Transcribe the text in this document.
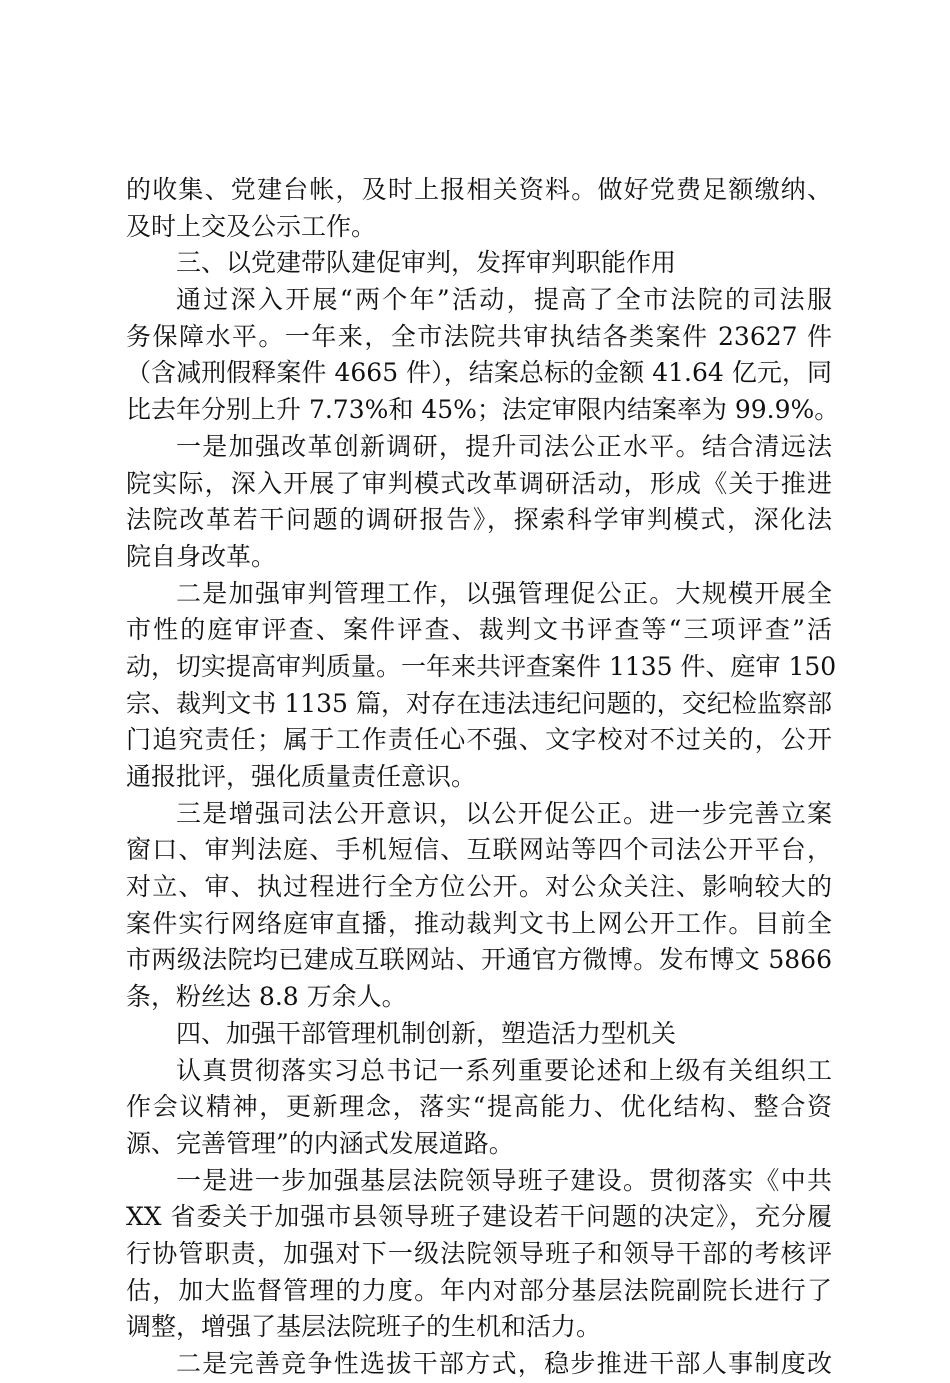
的收集、党建台帐，及时上报相关资料。做好党费足额缴纳、
及时上交及公示工作。

三、以党建带队建促审判，发挥审判职能作用

通过深入开展“两个年”活动，提高了全市法院的司法服
务保障水平。一年来，全市法院共审执结各类案件 23627 件
（含减刑假释案件 4665 件），结案总标的金额 41.64 亿元，同
比去年分别上升 7.73%和 45%；法定审限内结案率为 99.9%。

一是加强改革创新调研，提升司法公正水平。结合清远法
院实际，深入开展了审判模式改革调研活动，形成《关于推进
法院改革若干问题的调研报告》，探索科学审判模式，深化法
院自身改革。

二是加强审判管理工作，以强管理促公正。大规模开展全
市性的庭审评查、案件评查、裁判文书评查等“三项评查”活
动，切实提高审判质量。一年来共评查案件 1135 件、庭审 150
宗、裁判文书 1135 篇，对存在违法违纪问题的，交纪检监察部
门追究责任；属于工作责任心不强、文字校对不过关的，公开
通报批评，强化质量责任意识。

三是增强司法公开意识，以公开促公正。进一步完善立案
窗口、审判法庭、手机短信、互联网站等四个司法公开平台，
对立、审、执过程进行全方位公开。对公众关注、影响较大的
案件实行网络庭审直播，推动裁判文书上网公开工作。目前全
市两级法院均已建成互联网站、开通官方微博。发布博文 5866
条，粉丝达 8.8 万余人。

四、加强干部管理机制创新，塑造活力型机关

认真贯彻落实习总书记一系列重要论述和上级有关组织工
作会议精神，更新理念，落实“提高能力、优化结构、整合资
源、完善管理”的内涵式发展道路。

一是进一步加强基层法院领导班子建设。贯彻落实《中共
XX 省委关于加强市县领导班子建设若干问题的决定》，充分履
行协管职责，加强对下一级法院领导班子和领导干部的考核评
估，加大监督管理的力度。年内对部分基层法院副院长进行了
调整，增强了基层法院班子的生机和活力。

二是完善竞争性选拔干部方式，稳步推进干部人事制度改
